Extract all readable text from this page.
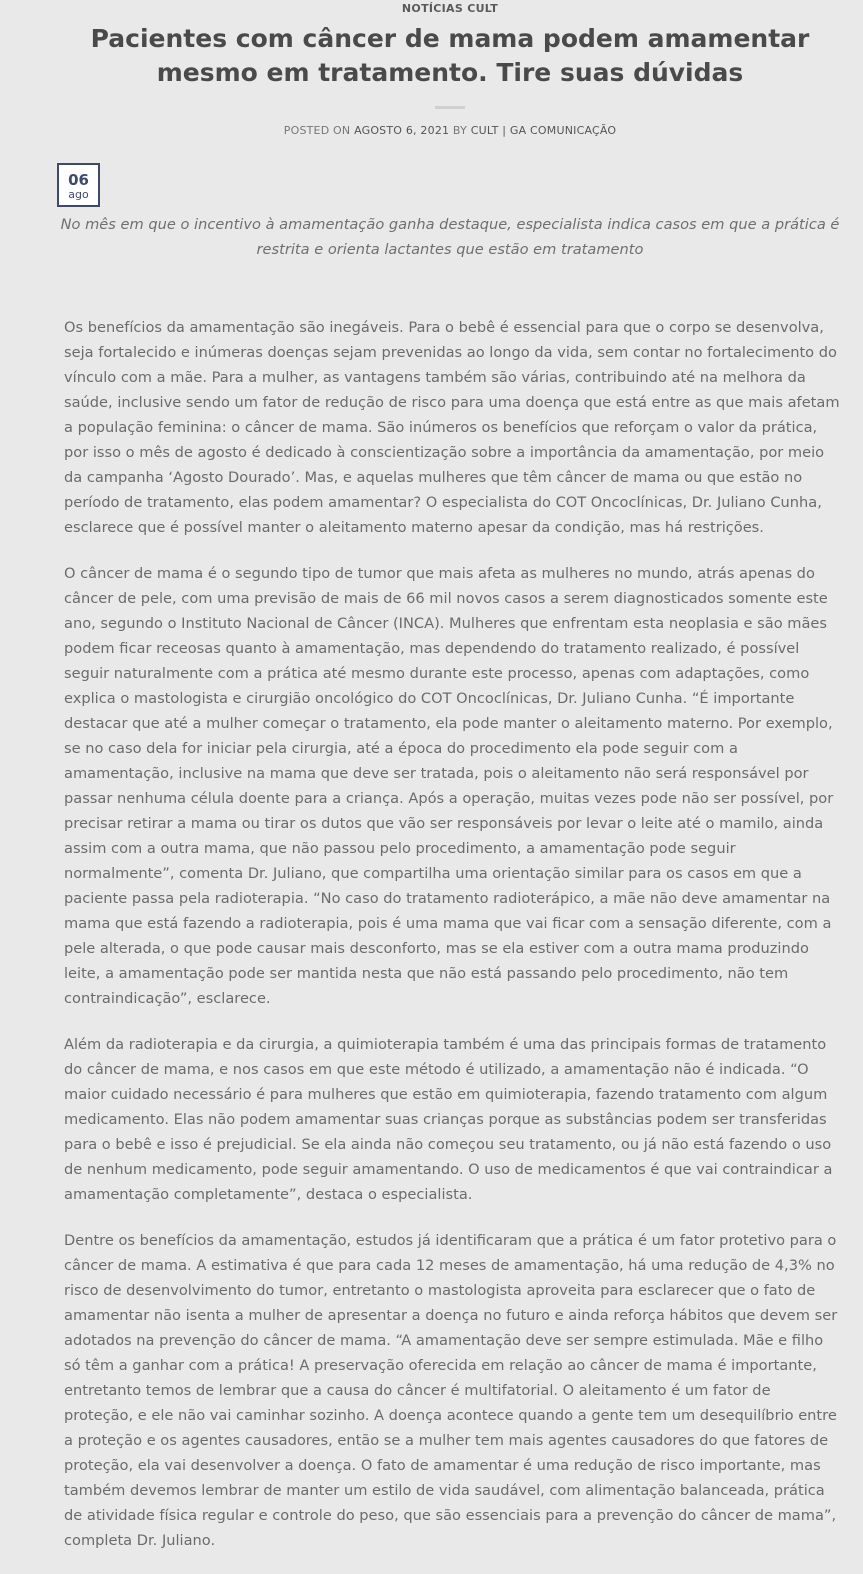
NOTÍCIAS CULT
Pacientes com câncer de mama podem amamentar mesmo em tratamento. Tire suas dúvidas
POSTED ON AGOSTO 6, 2021 BY CULT | GA COMUNICAÇÃO
06
ago

No mês em que o incentivo à amamentação ganha destaque, especialista indica casos em que a prática é restrita e orienta lactantes que estão em tratamento

Os benefícios da amamentação são inegáveis. Para o bebê é essencial para que o corpo se desenvolva, seja fortalecido e inúmeras doenças sejam prevenidas ao longo da vida, sem contar no fortalecimento do vínculo com a mãe. Para a mulher, as vantagens também são várias, contribuindo até na melhora da saúde, inclusive sendo um fator de redução de risco para uma doença que está entre as que mais afetam a população feminina: o câncer de mama. São inúmeros os benefícios que reforçam o valor da prática, por isso o mês de agosto é dedicado à conscientização sobre a importância da amamentação, por meio da campanha ‘Agosto Dourado’. Mas, e aquelas mulheres que têm câncer de mama ou que estão no período de tratamento, elas podem amamentar? O especialista do COT Oncoclínicas, Dr. Juliano Cunha, esclarece que é possível manter o aleitamento materno apesar da condição, mas há restrições.

O câncer de mama é o segundo tipo de tumor que mais afeta as mulheres no mundo, atrás apenas do câncer de pele, com uma previsão de mais de 66 mil novos casos a serem diagnosticados somente este ano, segundo o Instituto Nacional de Câncer (INCA). Mulheres que enfrentam esta neoplasia e são mães podem ficar receosas quanto à amamentação, mas dependendo do tratamento realizado, é possível seguir naturalmente com a prática até mesmo durante este processo, apenas com adaptações, como explica o mastologista e cirurgião oncológico do COT Oncoclínicas, Dr. Juliano Cunha. “É importante destacar que até a mulher começar o tratamento, ela pode manter o aleitamento materno. Por exemplo, se no caso dela for iniciar pela cirurgia, até a época do procedimento ela pode seguir com a amamentação, inclusive na mama que deve ser tratada, pois o aleitamento não será responsável por passar nenhuma célula doente para a criança. Após a operação, muitas vezes pode não ser possível, por precisar retirar a mama ou tirar os dutos que vão ser responsáveis por levar o leite até o mamilo, ainda assim com a outra mama, que não passou pelo procedimento, a amamentação pode seguir normalmente”, comenta Dr. Juliano, que compartilha uma orientação similar para os casos em que a paciente passa pela radioterapia. “No caso do tratamento radioterápico, a mãe não deve amamentar na mama que está fazendo a radioterapia, pois é uma mama que vai ficar com a sensação diferente, com a pele alterada, o que pode causar mais desconforto, mas se ela estiver com a outra mama produzindo leite, a amamentação pode ser mantida nesta que não está passando pelo procedimento, não tem contraindicação”, esclarece.

Além da radioterapia e da cirurgia, a quimioterapia também é uma das principais formas de tratamento do câncer de mama, e nos casos em que este método é utilizado, a amamentação não é indicada. “O maior cuidado necessário é para mulheres que estão em quimioterapia, fazendo tratamento com algum medicamento. Elas não podem amamentar suas crianças porque as substâncias podem ser transferidas para o bebê e isso é prejudicial. Se ela ainda não começou seu tratamento, ou já não está fazendo o uso de nenhum medicamento, pode seguir amamentando. O uso de medicamentos é que vai contraindicar a amamentação completamente”, destaca o especialista.

Dentre os benefícios da amamentação, estudos já identificaram que a prática é um fator protetivo para o câncer de mama. A estimativa é que para cada 12 meses de amamentação, há uma redução de 4,3% no risco de desenvolvimento do tumor, entretanto o mastologista aproveita para esclarecer que o fato de amamentar não isenta a mulher de apresentar a doença no futuro e ainda reforça hábitos que devem ser adotados na prevenção do câncer de mama. “A amamentação deve ser sempre estimulada. Mãe e filho só têm a ganhar com a prática! A preservação oferecida em relação ao câncer de mama é importante, entretanto temos de lembrar que a causa do câncer é multifatorial. O aleitamento é um fator de proteção, e ele não vai caminhar sozinho. A doença acontece quando a gente tem um desequilíbrio entre a proteção e os agentes causadores, então se a mulher tem mais agentes causadores do que fatores de proteção, ela vai desenvolver a doença. O fato de amamentar é uma redução de risco importante, mas também devemos lembrar de manter um estilo de vida saudável, com alimentação balanceada, prática de atividade física regular e controle do peso, que são essenciais para a prevenção do câncer de mama”, completa Dr. Juliano.
